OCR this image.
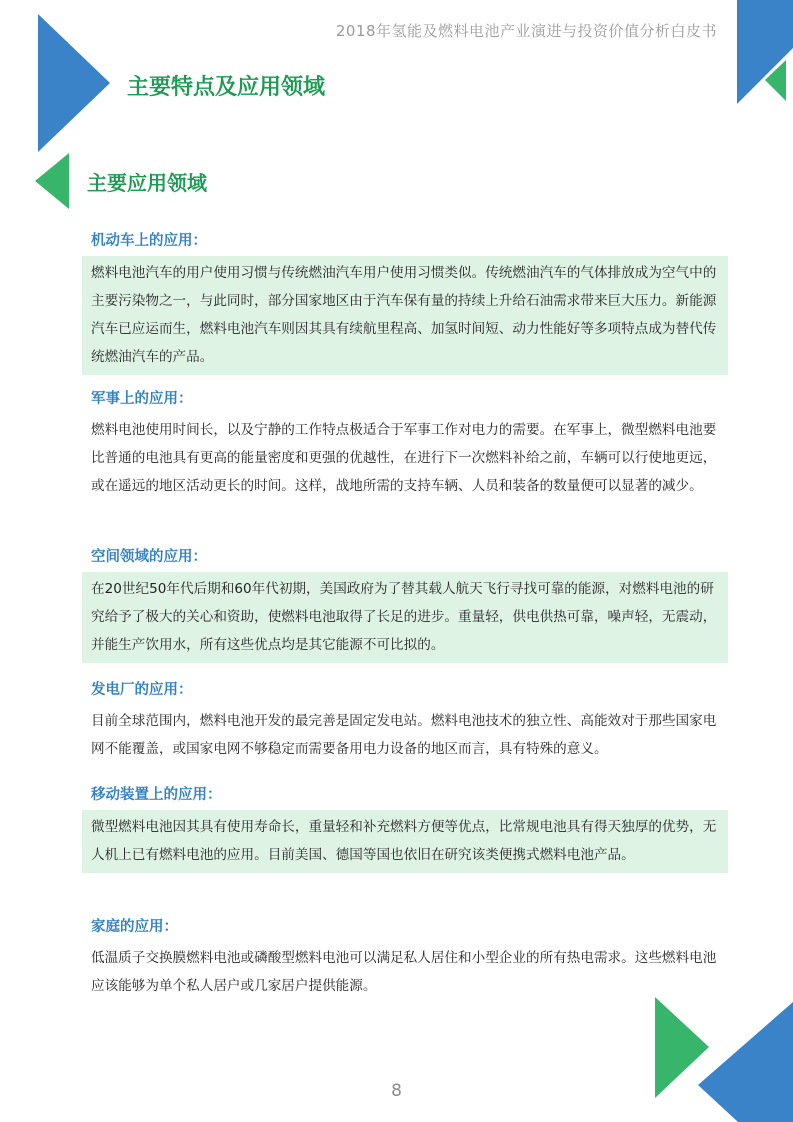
2018年氢能及燃料电池产业演进与投资价值分析白皮书
主要特点及应用领域
主要应用领域
机动车上的应用：

燃料电池汽车的用户使用习惯与传统燃油汽车用户使用习惯类似。传统燃油汽车的气体排放成为空气中的主要污染物之一，与此同时，部分国家地区由于汽车保有量的持续上升给石油需求带来巨大压力。新能源汽车已应运而生，燃料电池汽车则因其具有续航里程高、加氢时间短、动力性能好等多项特点成为替代传统燃油汽车的产品。

军事上的应用：

燃料电池使用时间长，以及宁静的工作特点极适合于军事工作对电力的需要。在军事上，微型燃料电池要比普通的电池具有更高的能量密度和更强的优越性，在进行下一次燃料补给之前，车辆可以行使地更远，或在遥远的地区活动更长的时间。这样，战地所需的支持车辆、人员和装备的数量便可以显著的减少。

空间领域的应用：

在20世纪50年代后期和60年代初期，美国政府为了替其载人航天飞行寻找可靠的能源，对燃料电池的研究给予了极大的关心和资助，使燃料电池取得了长足的进步。重量轻，供电供热可靠，噪声轻，无震动，并能生产饮用水，所有这些优点均是其它能源不可比拟的。

发电厂的应用：

目前全球范围内，燃料电池开发的最完善是固定发电站。燃料电池技术的独立性、高能效对于那些国家电网不能覆盖，或国家电网不够稳定而需要备用电力设备的地区而言，具有特殊的意义。

移动装置上的应用：

微型燃料电池因其具有使用寿命长，重量轻和补充燃料方便等优点，比常规电池具有得天独厚的优势，无人机上已有燃料电池的应用。目前美国、德国等国也依旧在研究该类便携式燃料电池产品。

家庭的应用：

低温质子交换膜燃料电池或磷酸型燃料电池可以满足私人居住和小型企业的所有热电需求。这些燃料电池应该能够为单个私人居户或几家居户提供能源。

8
